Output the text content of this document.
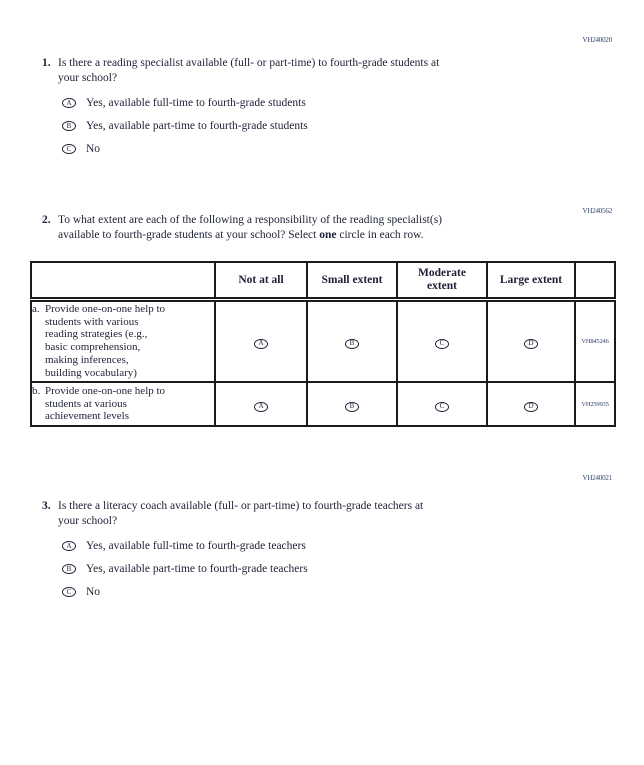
VH240020
VH240562
VH240021
1. Is there a reading specialist available (full- or part-time) to fourth-grade students at
your school?
A	Yes, available full-time to fourth-grade students
B	Yes, available part-time to fourth-grade students
C	No
2. To what extent are each of the following a responsibility of the reading specialist(s)
available to fourth-grade students at your school? Select one circle in each row.
	Not at all	Small extent	Moderate extent	Large extent	

a. Provide one-on-one help to
students with various
reading strategies (e.g.,
basic comprehension,
making inferences,
building vocabulary)
	A	B	C	D	VH845246

b. Provide one-on-one help to
students at various
achievement levels	A	B	C	D	VH259935
3. Is there a literacy coach available (full- or part-time) to fourth-grade teachers at
your school?
A	Yes, available full-time to fourth-grade teachers
B	Yes, available part-time to fourth-grade teachers
C	No
